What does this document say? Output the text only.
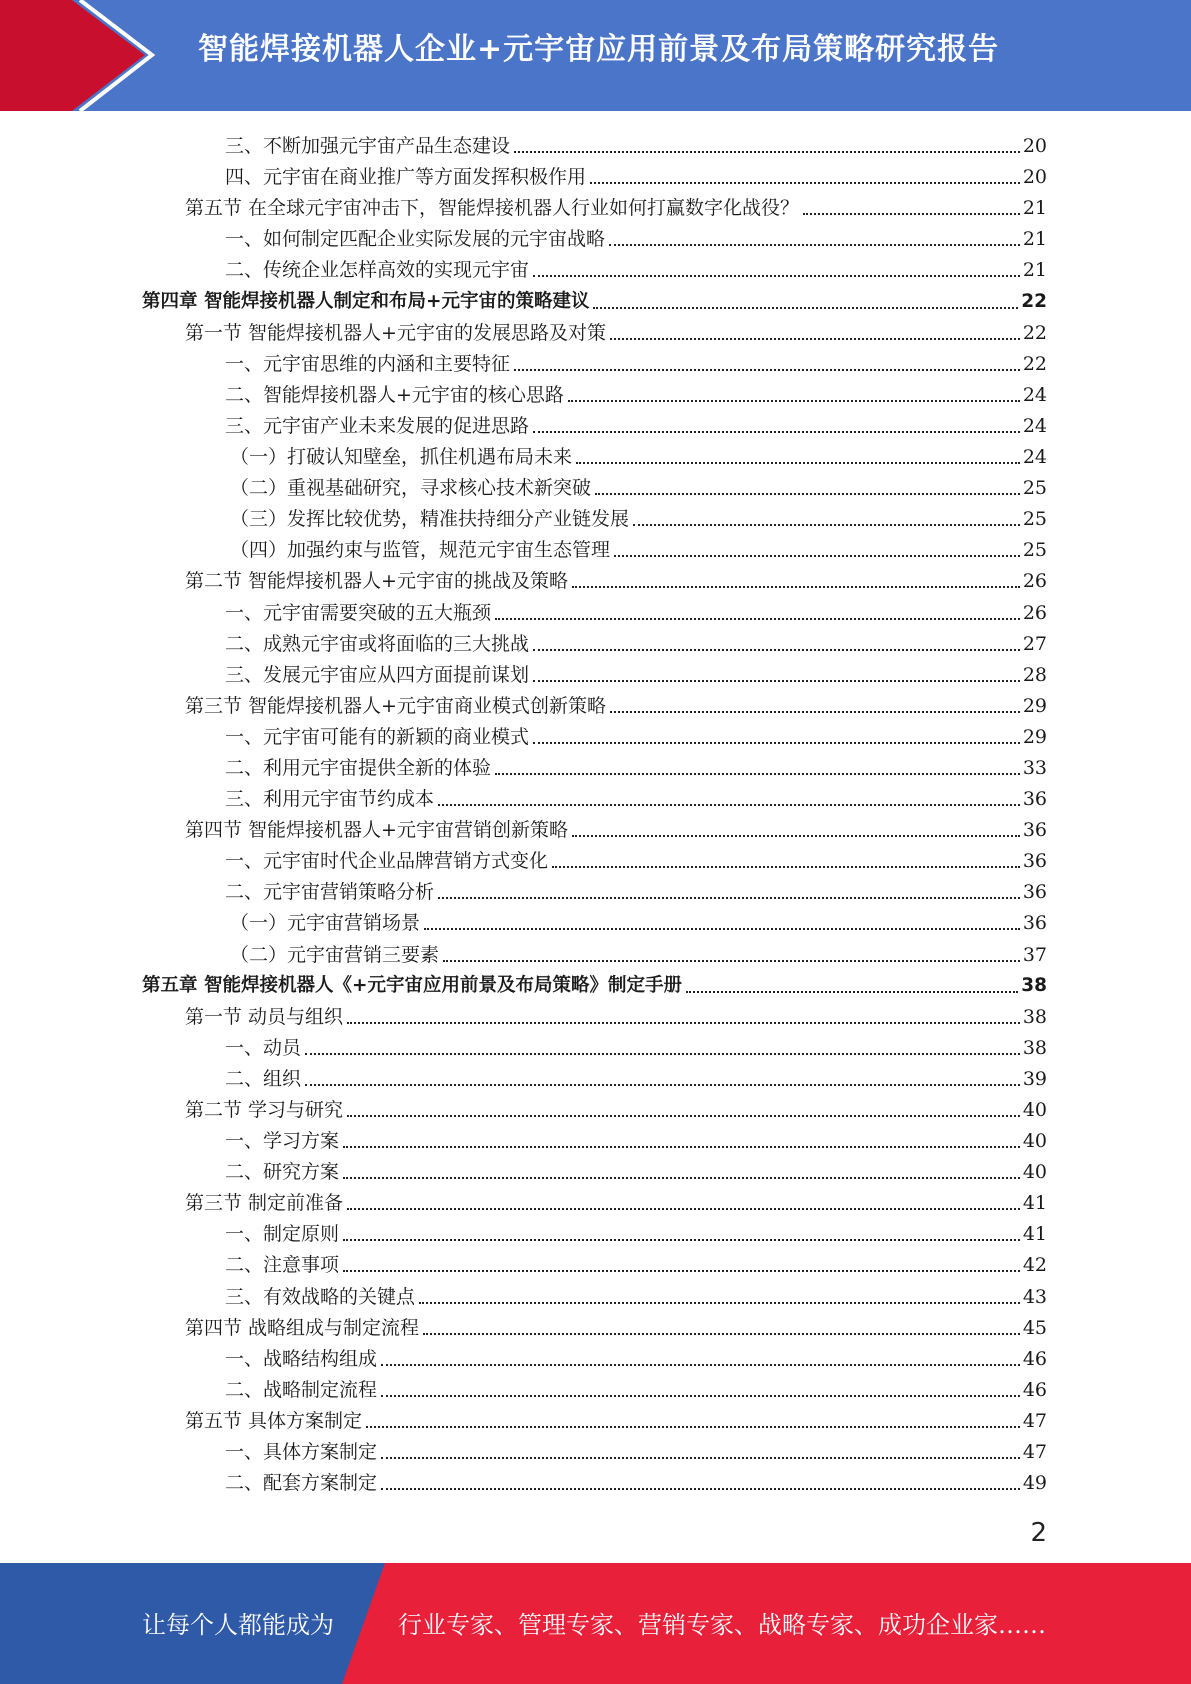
智能焊接机器人企业+元宇宙应用前景及布局策略研究报告
三、不断加强元宇宙产品生态建设	20
四、元宇宙在商业推广等方面发挥积极作用	20
第五节 在全球元宇宙冲击下，智能焊接机器人行业如何打赢数字化战役？	21
一、如何制定匹配企业实际发展的元宇宙战略	21
二、传统企业怎样高效的实现元宇宙	21
第四章 智能焊接机器人制定和布局+元宇宙的策略建议	22
第一节 智能焊接机器人+元宇宙的发展思路及对策	22
一、元宇宙思维的内涵和主要特征	22
二、智能焊接机器人+元宇宙的核心思路	24
三、元宇宙产业未来发展的促进思路	24
（一）打破认知壁垒，抓住机遇布局未来	24
（二）重视基础研究，寻求核心技术新突破	25
（三）发挥比较优势，精准扶持细分产业链发展	25
（四）加强约束与监管，规范元宇宙生态管理	25
第二节 智能焊接机器人+元宇宙的挑战及策略	26
一、元宇宙需要突破的五大瓶颈	26
二、成熟元宇宙或将面临的三大挑战	27
三、发展元宇宙应从四方面提前谋划	28
第三节 智能焊接机器人+元宇宙商业模式创新策略	29
一、元宇宙可能有的新颖的商业模式	29
二、利用元宇宙提供全新的体验	33
三、利用元宇宙节约成本	36
第四节 智能焊接机器人+元宇宙营销创新策略	36
一、元宇宙时代企业品牌营销方式变化	36
二、元宇宙营销策略分析	36
（一）元宇宙营销场景	36
（二）元宇宙营销三要素	37
第五章 智能焊接机器人《+元宇宙应用前景及布局策略》制定手册	38
第一节 动员与组织	38
一、动员	38
二、组织	39
第二节 学习与研究	40
一、学习方案	40
二、研究方案	40
第三节 制定前准备	41
一、制定原则	41
二、注意事项	42
三、有效战略的关键点	43
第四节 战略组成与制定流程	45
一、战略结构组成	46
二、战略制定流程	46
第五节 具体方案制定	47
一、具体方案制定	47
二、配套方案制定	49
2
让每个人都能成为	行业专家、管理专家、营销专家、战略专家、成功企业家……
